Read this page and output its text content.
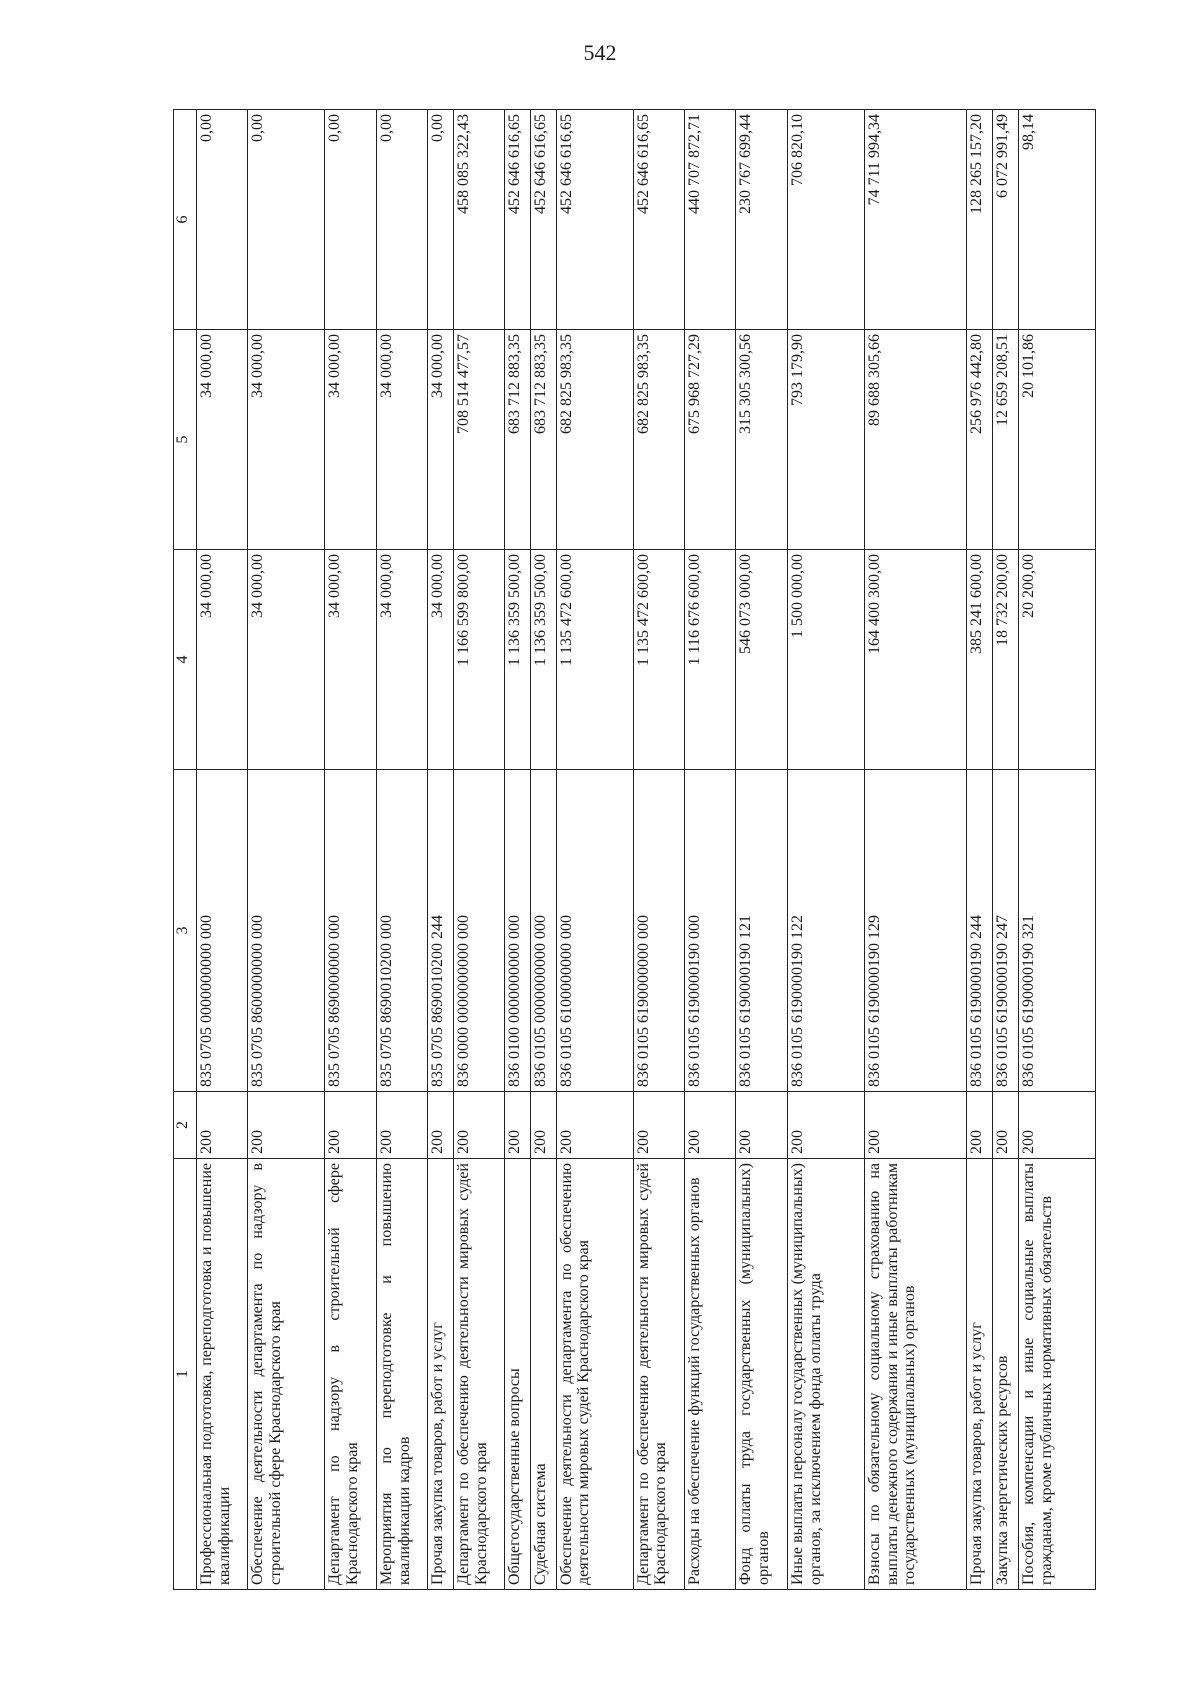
542
1	2	3	4	5	6
Профессиональная подготовка, переподготовка и повышение квалификации	200	835 0705 0000000000 000	34 000,00	34 000,00	0,00
Обеспечение деятельности департамента по надзору в строительной сфере Краснодарского края	200	835 0705 8600000000 000	34 000,00	34 000,00	0,00
Департамент по надзору в строительной сфере Краснодарского края	200	835 0705 8690000000 000	34 000,00	34 000,00	0,00
Мероприятия по переподготовке и повышению квалификации кадров	200	835 0705 8690010200 000	34 000,00	34 000,00	0,00
Прочая закупка товаров, работ и услуг	200	835 0705 8690010200 244	34 000,00	34 000,00	0,00
Департамент по обеспечению деятельности мировых судей Краснодарского края	200	836 0000 0000000000 000	1 166 599 800,00	708 514 477,57	458 085 322,43
Общегосударственные вопросы	200	836 0100 0000000000 000	1 136 359 500,00	683 712 883,35	452 646 616,65
Судебная система	200	836 0105 0000000000 000	1 136 359 500,00	683 712 883,35	452 646 616,65
Обеспечение деятельности департамента по обеспечению деятельности мировых судей Краснодарского края	200	836 0105 6100000000 000	1 135 472 600,00	682 825 983,35	452 646 616,65
Департамент по обеспечению деятельности мировых судей Краснодарского края	200	836 0105 6190000000 000	1 135 472 600,00	682 825 983,35	452 646 616,65
Расходы на обеспечение функций государственных органов	200	836 0105 6190000190 000	1 116 676 600,00	675 968 727,29	440 707 872,71
Фонд оплаты труда государственных (муниципальных) органов	200	836 0105 6190000190 121	546 073 000,00	315 305 300,56	230 767 699,44
Иные выплаты персоналу государственных (муниципальных) органов, за исключением фонда оплаты труда	200	836 0105 6190000190 122	1 500 000,00	793 179,90	706 820,10
Взносы по обязательному социальному страхованию на выплаты денежного содержания и иные выплаты работникам государственных (муниципальных) органов	200	836 0105 6190000190 129	164 400 300,00	89 688 305,66	74 711 994,34
Прочая закупка товаров, работ и услуг	200	836 0105 6190000190 244	385 241 600,00	256 976 442,80	128 265 157,20
Закупка энергетических ресурсов	200	836 0105 6190000190 247	18 732 200,00	12 659 208,51	6 072 991,49
Пособия, компенсации и иные социальные выплаты гражданам, кроме публичных нормативных обязательств	200	836 0105 6190000190 321	20 200,00	20 101,86	98,14
